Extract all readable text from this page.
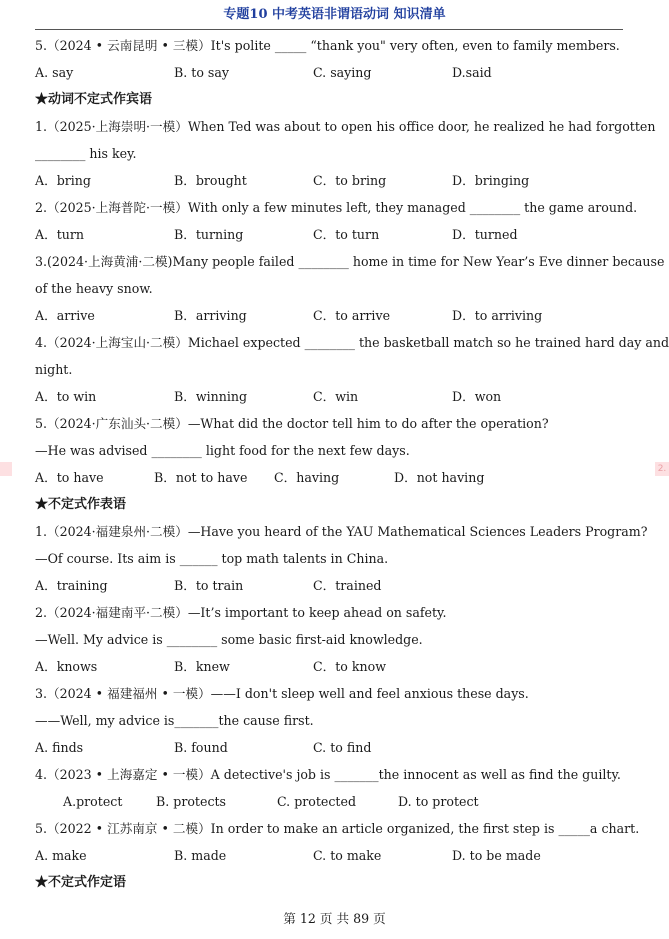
专题10 中考英语非谓语动词 知识清单
5.（2024 • 云南昆明 • 三模）It's polite _____ “thank you" very often, even to family members.
A. say	B. to say	C. saying	D.said
★动词不定式作宾语
1.（2025·上海崇明·一模）When Ted was about to open his office door, he realized he had forgotten
________ his key.
A．bring	B．brought	C．to bring	D．bringing
2.（2025·上海普陀·一模）With only a few minutes left, they managed ________ the game around.
A．turn	B．turning	C．to turn	D．turned
3.(2024·上海黄浦·二模)Many people failed ________ home in time for New Year’s Eve dinner because
of the heavy snow.
A．arrive	B．arriving	C．to arrive	D．to arriving
4.（2024·上海宝山·二模）Michael expected ________ the basketball match so he trained hard day and
night.
A．to win	B．winning	C．win	D．won
5.（2024·广东汕头·二模）—What did the doctor tell him to do after the operation?
—He was advised ________ light food for the next few days.
A．to have	B．not to have C．having	D．not having
★不定式作表语
1.（2024·福建泉州·二模）—Have you heard of the YAU Mathematical Sciences Leaders Program?
—Of course. Its aim is ______ top math talents in China.
A．training	B．to train	C．trained
2.（2024·福建南平·二模）—It’s important to keep ahead on safety.
—Well. My advice is ________ some basic first-aid knowledge.
A．knows	B．knew	C．to know
3.（2024 • 福建福州 • 一模）——I don't sleep well and feel anxious these days.
——Well, my advice is_______the cause first.
A. finds	B. found	C. to find
4.（2023 • 上海嘉定 • 一模）A detective's job is _______the innocent as well as find the guilty.
A.protect	B. protects	C. protected	D. to protect
5.（2022 • 江苏南京 • 二模）In order to make an article organized, the first step is _____a chart.
A. make	B. made	C. to make	D. to be made
★不定式作定语
2.
第 12 页 共 89 页
